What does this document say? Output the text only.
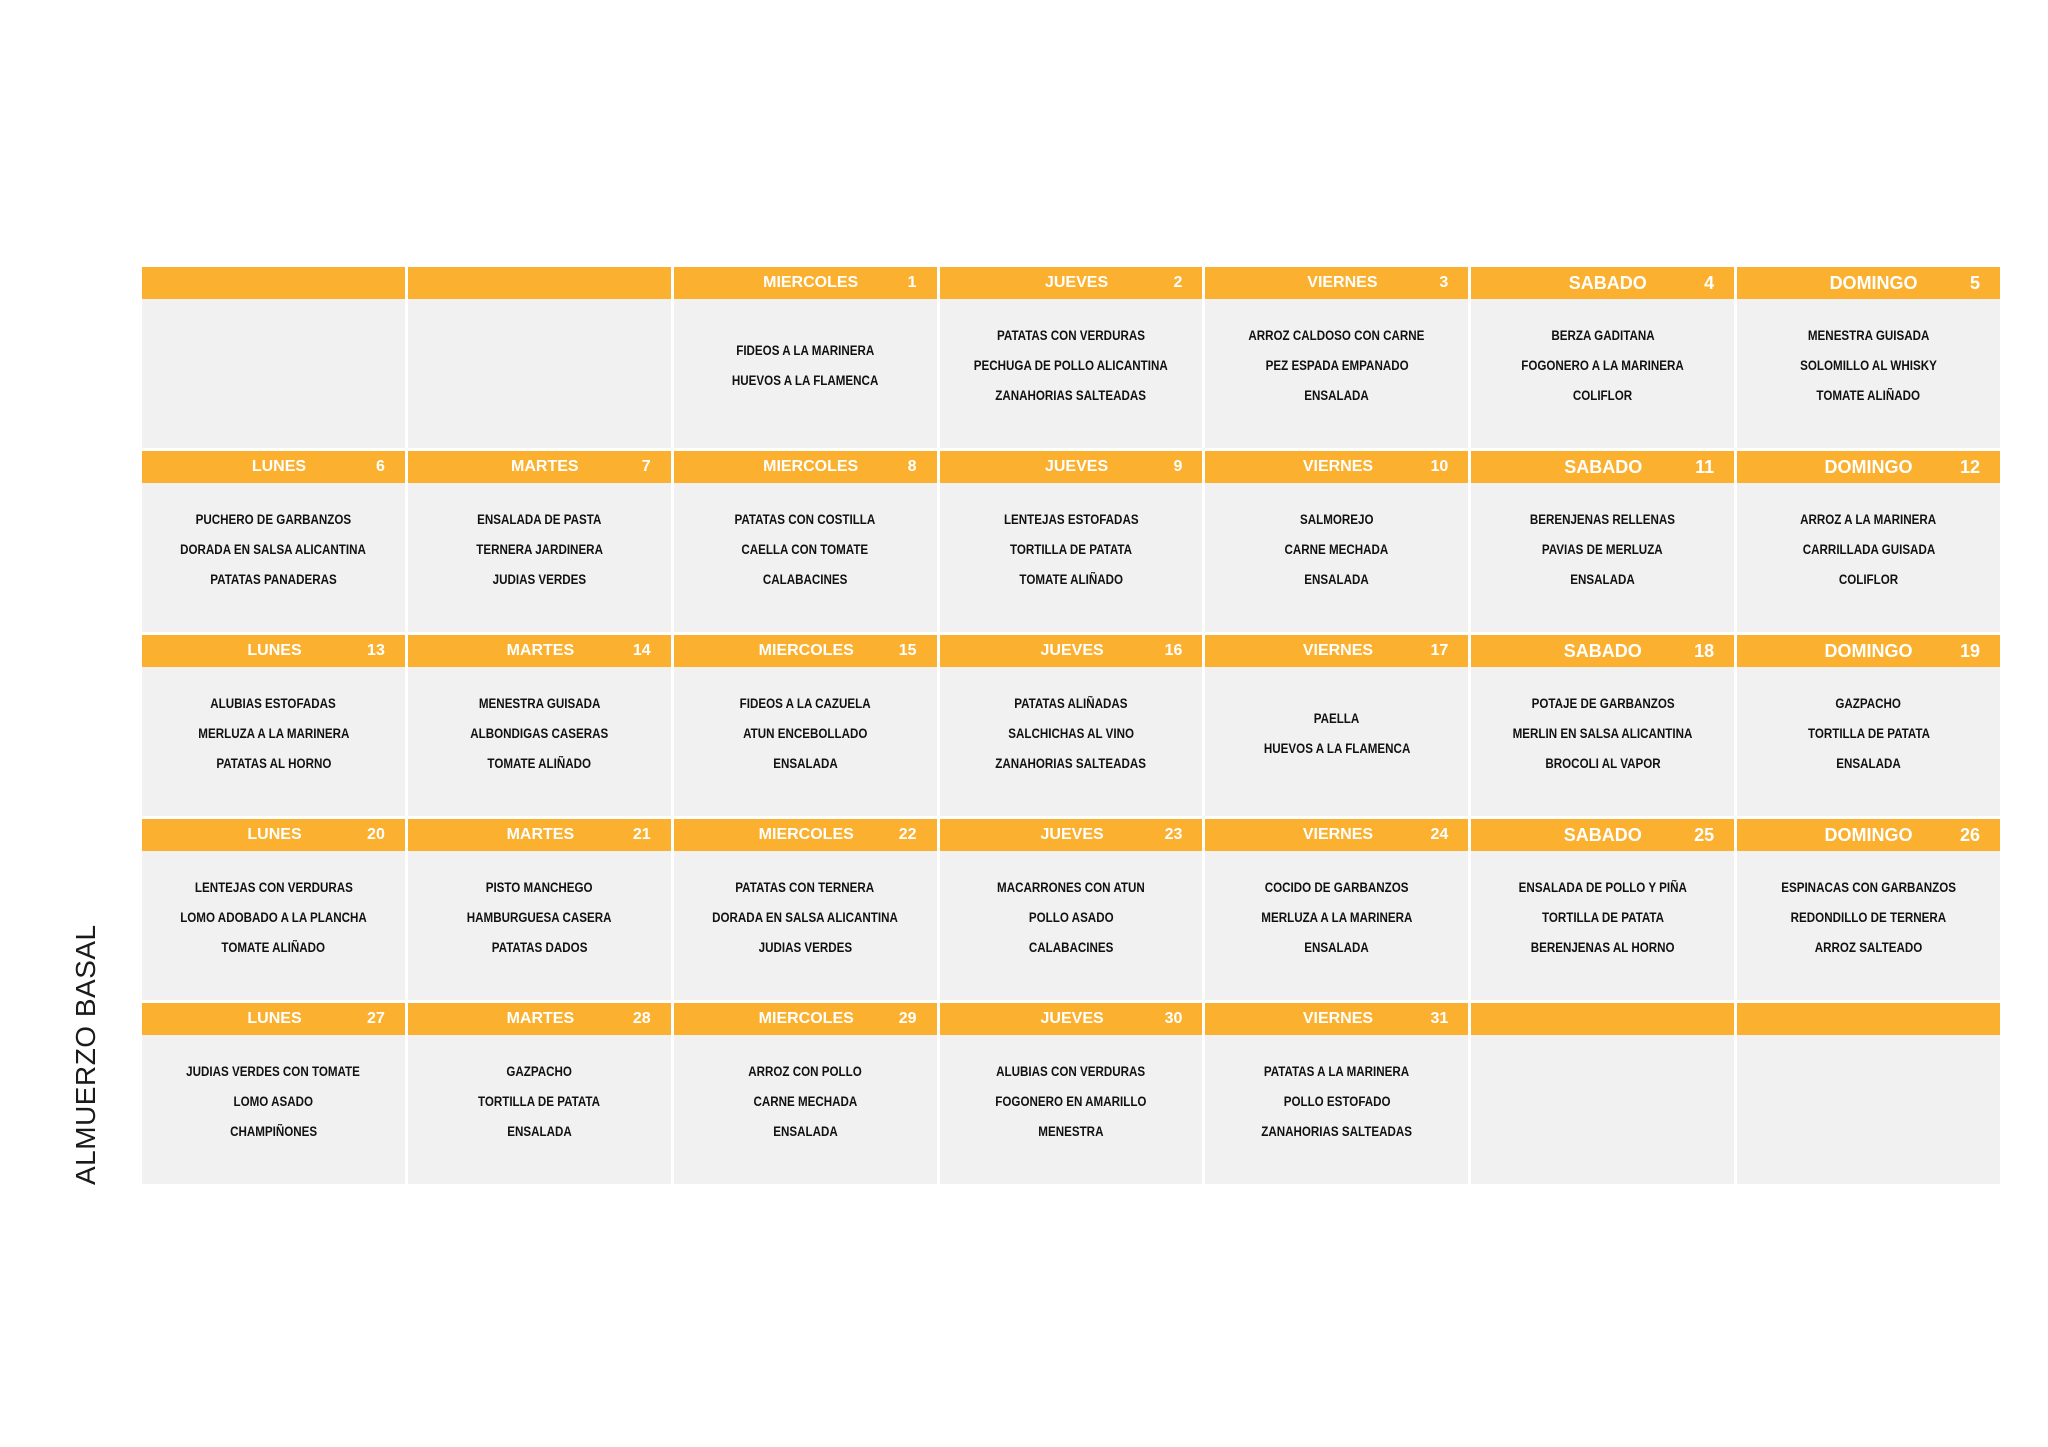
ALMUERZO BASAL
MIERCOLES	1
FIDEOS A LA MARINERA
HUEVOS A LA FLAMENCA
JUEVES	2
PATATAS CON VERDURAS
PECHUGA DE POLLO ALICANTINA
ZANAHORIAS SALTEADAS
VIERNES	3
ARROZ CALDOSO CON CARNE
PEZ ESPADA EMPANADO
ENSALADA
SABADO	4
BERZA GADITANA
FOGONERO A LA MARINERA
COLIFLOR
DOMINGO	5
MENESTRA GUISADA
SOLOMILLO AL WHISKY
TOMATE ALIÑADO
LUNES	6
PUCHERO DE GARBANZOS
DORADA EN SALSA ALICANTINA
PATATAS PANADERAS
MARTES	7
ENSALADA DE PASTA
TERNERA JARDINERA
JUDIAS VERDES
MIERCOLES	8
PATATAS CON COSTILLA
CAELLA CON TOMATE
CALABACINES
JUEVES	9
LENTEJAS ESTOFADAS
TORTILLA DE PATATA
TOMATE ALIÑADO
VIERNES	10
SALMOREJO
CARNE MECHADA
ENSALADA
SABADO	11
BERENJENAS RELLENAS
PAVIAS DE MERLUZA
ENSALADA
DOMINGO	12
ARROZ A LA MARINERA
CARRILLADA GUISADA
COLIFLOR
LUNES	13
ALUBIAS ESTOFADAS
MERLUZA A LA MARINERA
PATATAS AL HORNO
MARTES	14
MENESTRA GUISADA
ALBONDIGAS CASERAS
TOMATE ALIÑADO
MIERCOLES	15
FIDEOS A LA CAZUELA
ATUN ENCEBOLLADO
ENSALADA
JUEVES	16
PATATAS ALIÑADAS
SALCHICHAS AL VINO
ZANAHORIAS SALTEADAS
VIERNES	17
PAELLA
HUEVOS A LA FLAMENCA
SABADO	18
POTAJE DE GARBANZOS
MERLIN EN SALSA ALICANTINA
BROCOLI AL VAPOR
DOMINGO	19
GAZPACHO
TORTILLA DE PATATA
ENSALADA
LUNES	20
LENTEJAS CON VERDURAS
LOMO ADOBADO A LA PLANCHA
TOMATE ALIÑADO
MARTES	21
PISTO MANCHEGO
HAMBURGUESA CASERA
PATATAS DADOS
MIERCOLES	22
PATATAS CON TERNERA
DORADA EN SALSA ALICANTINA
JUDIAS VERDES
JUEVES	23
MACARRONES CON ATUN
POLLO ASADO
CALABACINES
VIERNES	24
COCIDO DE GARBANZOS
MERLUZA A LA MARINERA
ENSALADA
SABADO	25
ENSALADA DE POLLO Y PIÑA
TORTILLA DE PATATA
BERENJENAS AL HORNO
DOMINGO	26
ESPINACAS CON GARBANZOS
REDONDILLO DE TERNERA
ARROZ SALTEADO
LUNES	27
JUDIAS VERDES CON TOMATE
LOMO ASADO
CHAMPIÑONES
MARTES	28
GAZPACHO
TORTILLA DE PATATA
ENSALADA
MIERCOLES	29
ARROZ CON POLLO
CARNE MECHADA
ENSALADA
JUEVES	30
ALUBIAS CON VERDURAS
FOGONERO EN AMARILLO
MENESTRA
VIERNES	31
PATATAS A LA MARINERA
POLLO ESTOFADO
ZANAHORIAS SALTEADAS
